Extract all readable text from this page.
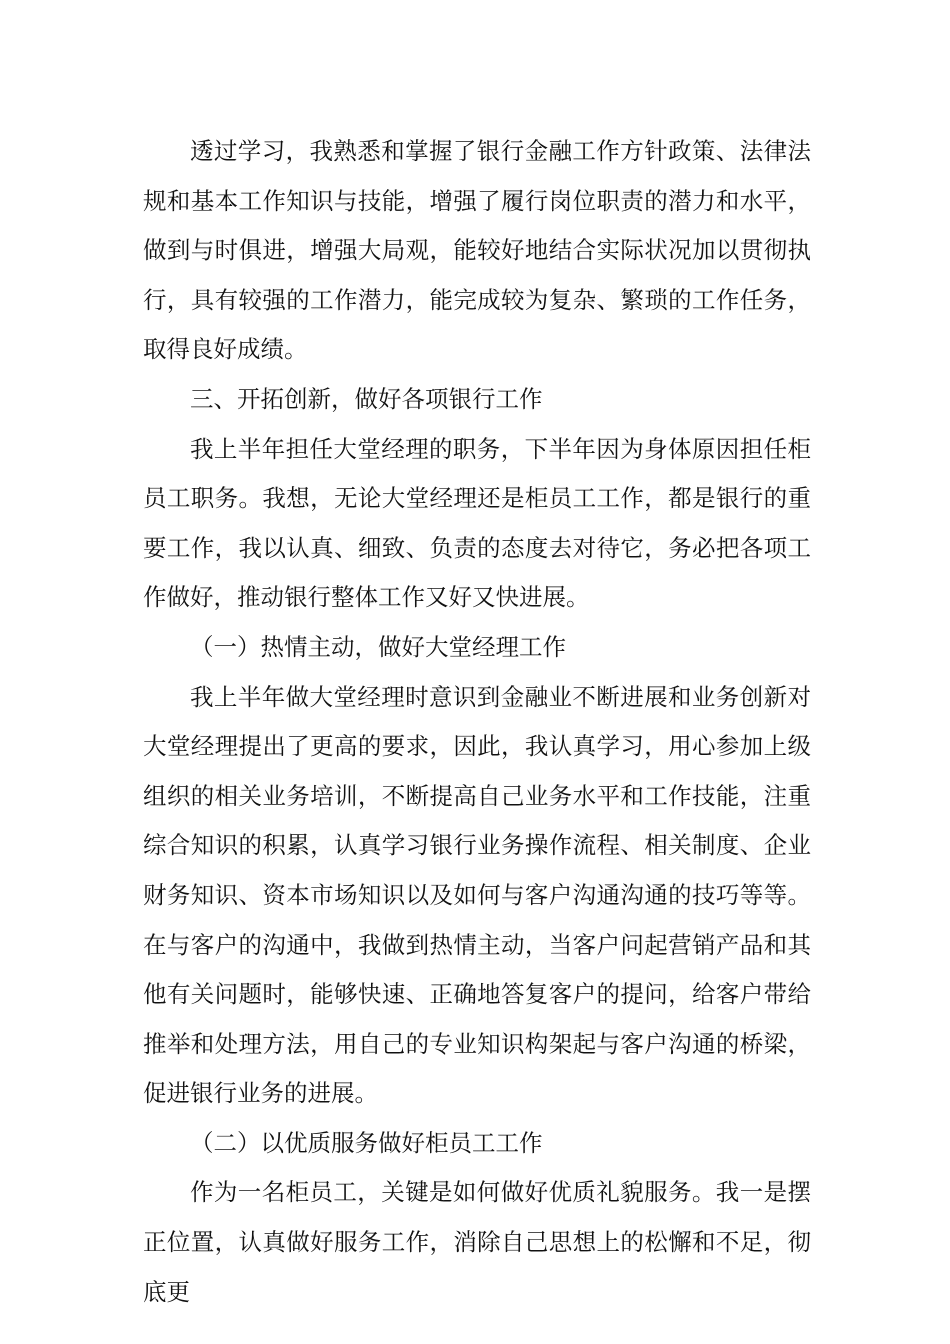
透过学习，我熟悉和掌握了银行金融工作方针政策、法律法规和基本工作知识与技能，增强了履行岗位职责的潜力和水平，做到与时俱进，增强大局观，能较好地结合实际状况加以贯彻执行，具有较强的工作潜力，能完成较为复杂、繁琐的工作任务，取得良好成绩。

三、开拓创新，做好各项银行工作

我上半年担任大堂经理的职务，下半年因为身体原因担任柜员工职务。我想，无论大堂经理还是柜员工工作，都是银行的重要工作，我以认真、细致、负责的态度去对待它，务必把各项工作做好，推动银行整体工作又好又快进展。

（一）热情主动，做好大堂经理工作

我上半年做大堂经理时意识到金融业不断进展和业务创新对大堂经理提出了更高的要求，因此，我认真学习，用心参加上级组织的相关业务培训，不断提高自己业务水平和工作技能，注重综合知识的积累，认真学习银行业务操作流程、相关制度、企业财务知识、资本市场知识以及如何与客户沟通沟通的技巧等等。在与客户的沟通中，我做到热情主动，当客户问起营销产品和其他有关问题时，能够快速、正确地答复客户的提问，给客户带给推举和处理方法，用自己的专业知识构架起与客户沟通的桥梁，促进银行业务的进展。

（二）以优质服务做好柜员工工作

作为一名柜员工，关键是如何做好优质礼貌服务。我一是摆正位置，认真做好服务工作，消除自己思想上的松懈和不足，彻底更
